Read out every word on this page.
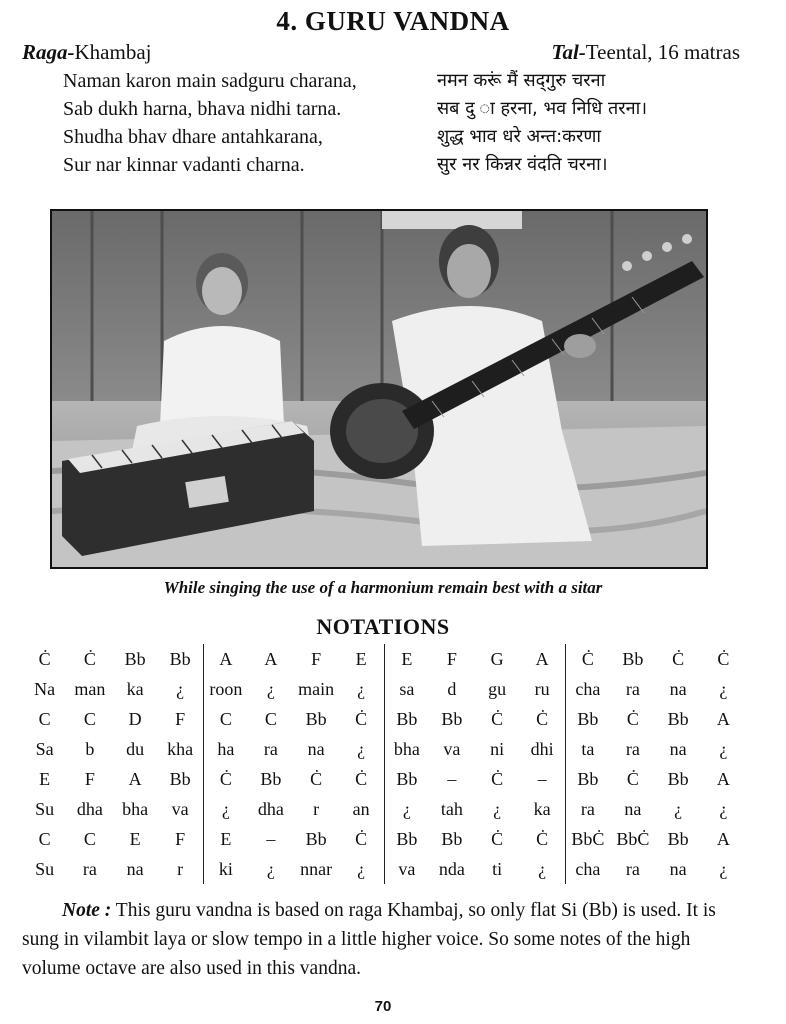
4. GURU VANDNA
Raga-Khambaj	Tal-Teental, 16 matras
Naman karon main sadguru charana,
Sab dukh harna, bhava nidhi tarna.
Shudha bhav dhare antahkarana,
Sur nar kinnar vadanti charna.
नमन करूं मैं सद्‌गुरु चरना
सब दु ा हरना, भव निधि तरना।
शुद्ध भाव धरे अन्त:करणा
सुर नर किन्नर वंदति चरना।
While singing the use of a harmonium remain best with a sitar
NOTATIONS
Ċ	Ċ	Bb	Bb	A	A	F	E	E	F	G	A	Ċ	Bb	Ċ	Ċ
Na	man	ka	¿	roon	¿	main	¿	sa	d	gu	ru	cha	ra	na	¿
C	C	D	F	C	C	Bb	Ċ	Bb	Bb	Ċ	Ċ	Bb	Ċ	Bb	A
Sa	b	du	kha	ha	ra	na	¿	bha	va	ni	dhi	ta	ra	na	¿
E	F	A	Bb	Ċ	Bb	Ċ	Ċ	Bb	–	Ċ	–	Bb	Ċ	Bb	A
Su	dha	bha	va	¿	dha	r	an	¿	tah	¿	ka	ra	na	¿	¿
C	C	E	F	E	–	Bb	Ċ	Bb	Bb	Ċ	Ċ	BbĊ	BbĊ	Bb	A
Su	ra	na	r	ki	¿	nnar	¿	va	nda	ti	¿	cha	ra	na	¿
Note : This guru vandna is based on raga Khambaj, so only flat Si (Bb) is used. It is sung in vilambit laya or slow tempo in a little higher voice. So some notes of the high volume octave are also used in this vandna.
70
